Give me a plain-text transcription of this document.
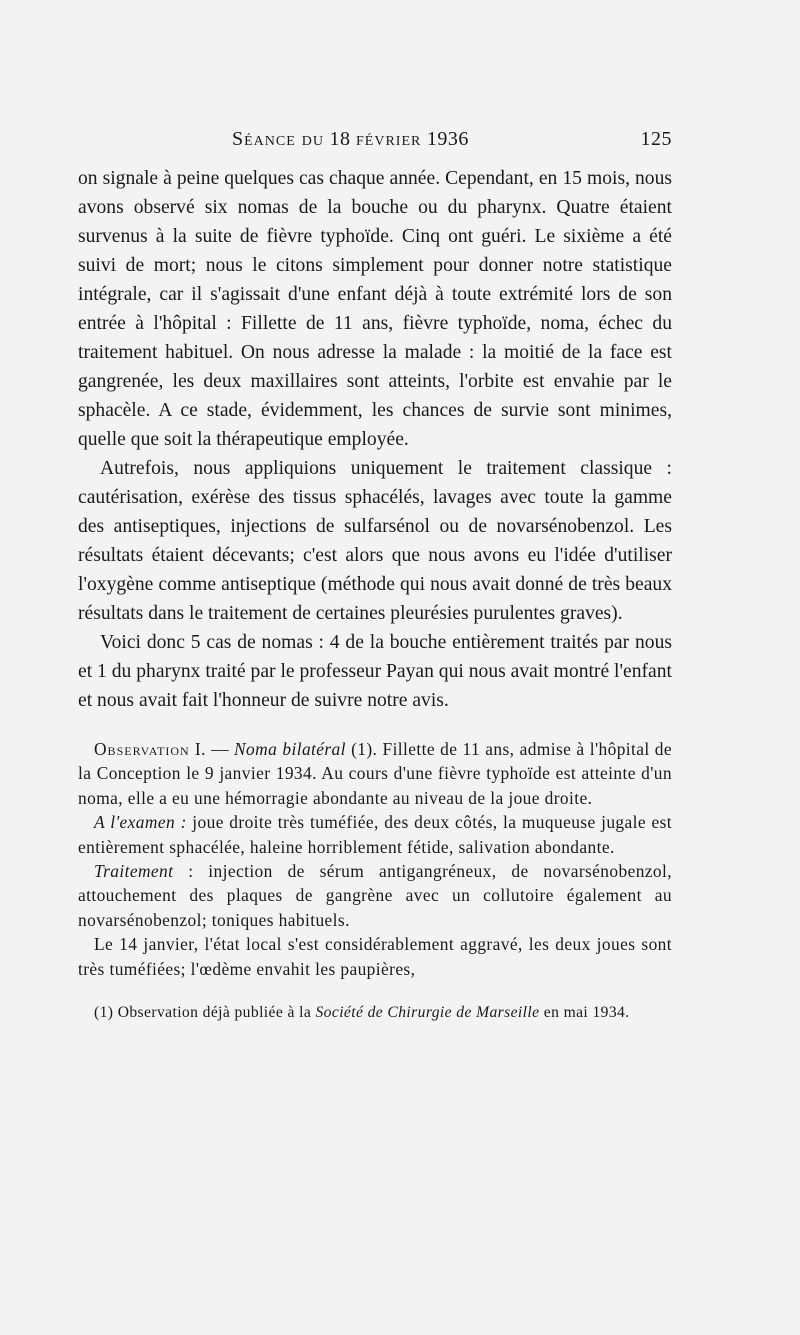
Séance du 18 février 1936	125

on signale à peine quelques cas chaque année. Cependant, en 15 mois, nous avons observé six nomas de la bouche ou du pharynx. Quatre étaient survenus à la suite de fièvre typhoïde. Cinq ont guéri. Le sixième a été suivi de mort; nous le citons simplement pour donner notre statistique intégrale, car il s'agissait d'une enfant déjà à toute extrémité lors de son entrée à l'hôpital : Fillette de 11 ans, fièvre typhoïde, noma, échec du traitement habituel. On nous adresse la malade : la moitié de la face est gangrenée, les deux maxillaires sont atteints, l'orbite est envahie par le sphacèle. A ce stade, évidemment, les chances de survie sont minimes, quelle que soit la thérapeutique employée.

Autrefois, nous appliquions uniquement le traitement classique : cautérisation, exérèse des tissus sphacélés, lavages avec toute la gamme des antiseptiques, injections de sulfarsénol ou de novarsénobenzol. Les résultats étaient décevants; c'est alors que nous avons eu l'idée d'utiliser l'oxygène comme antiseptique (méthode qui nous avait donné de très beaux résultats dans le traitement de certaines pleurésies purulentes graves).

Voici donc 5 cas de nomas : 4 de la bouche entièrement traités par nous et 1 du pharynx traité par le professeur Payan qui nous avait montré l'enfant et nous avait fait l'honneur de suivre notre avis.

Observation I. — Noma bilatéral (1). Fillette de 11 ans, admise à l'hôpital de la Conception le 9 janvier 1934. Au cours d'une fièvre typhoïde est atteinte d'un noma, elle a eu une hémorragie abondante au niveau de la joue droite.

A l'examen : joue droite très tuméfiée, des deux côtés, la muqueuse jugale est entièrement sphacélée, haleine horriblement fétide, salivation abondante.

Traitement : injection de sérum antigangréneux, de novarsénobenzol, attouchement des plaques de gangrène avec un collutoire également au novarsénobenzol; toniques habituels.

Le 14 janvier, l'état local s'est considérablement aggravé, les deux joues sont très tuméfiées; l'œdème envahit les paupières,

(1) Observation déjà publiée à la Société de Chirurgie de Marseille en mai 1934.
